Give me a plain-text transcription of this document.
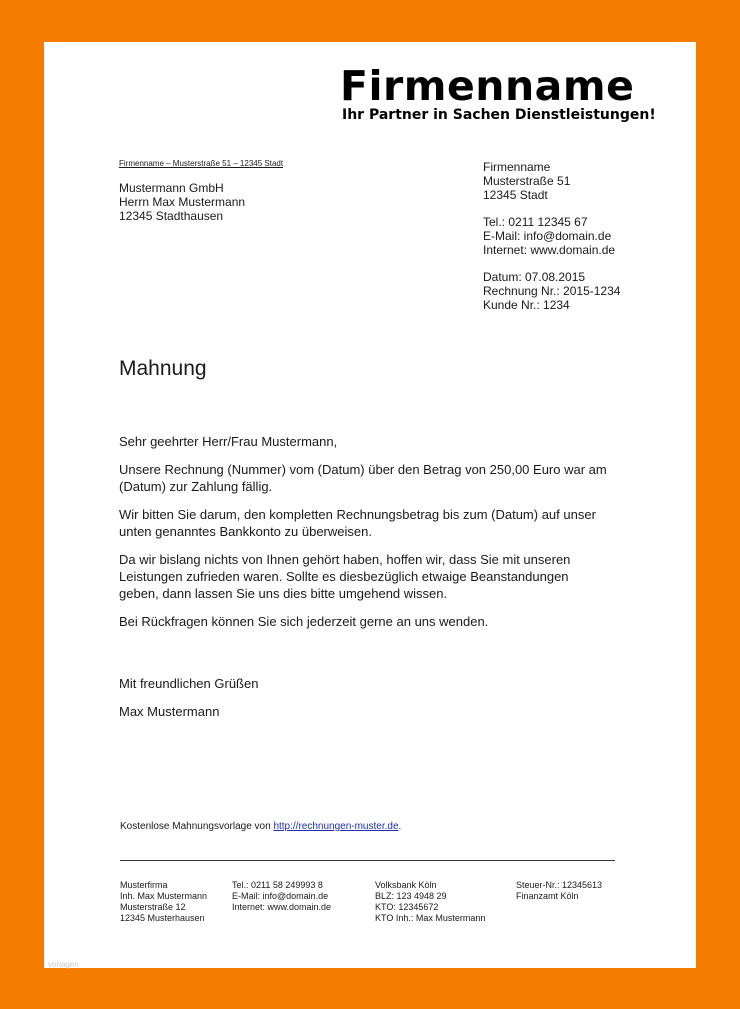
Firmenname
Ihr Partner in Sachen Dienstleistungen!
Firmenname – Musterstraße 51 – 12345 Stadt
Mustermann GmbH
Herrn Max Mustermann
12345 Stadthausen
Firmenname
Musterstraße 51
12345 Stadt
Tel.: 0211 12345 67
E-Mail: info@domain.de
Internet: www.domain.de
Datum: 07.08.2015
Rechnung Nr.: 2015-1234
Kunde Nr.: 1234
Mahnung

Sehr geehrter Herr/Frau Mustermann,

Unsere Rechnung (Nummer) vom (Datum) über den Betrag von 250,00 Euro war am
(Datum) zur Zahlung fällig.

Wir bitten Sie darum, den kompletten Rechnungsbetrag bis zum (Datum) auf unser
unten genanntes Bankkonto zu überweisen.

Da wir bislang nichts von Ihnen gehört haben, hoffen wir, dass Sie mit unseren
Leistungen zufrieden waren. Sollte es diesbezüglich etwaige Beanstandungen
geben, dann lassen Sie uns dies bitte umgehend wissen.

Bei Rückfragen können Sie sich jederzeit gerne an uns wenden.

Mit freundlichen Grüßen

Max Mustermann

Kostenlose Mahnungsvorlage von http://rechnungen-muster.de.
Musterfirma
Inh. Max Mustermann
Musterstraße 12
12345 Musterhausen
Tel.: 0211 58 249993 8
E-Mail: info@domain.de
Internet: www.domain.de
Volksbank Köln
BLZ: 123 4948 29
KTO: 12345672
KTO Inh.: Max Mustermann
Steuer-Nr.: 12345613
Finanzamt Köln
vorlagen
